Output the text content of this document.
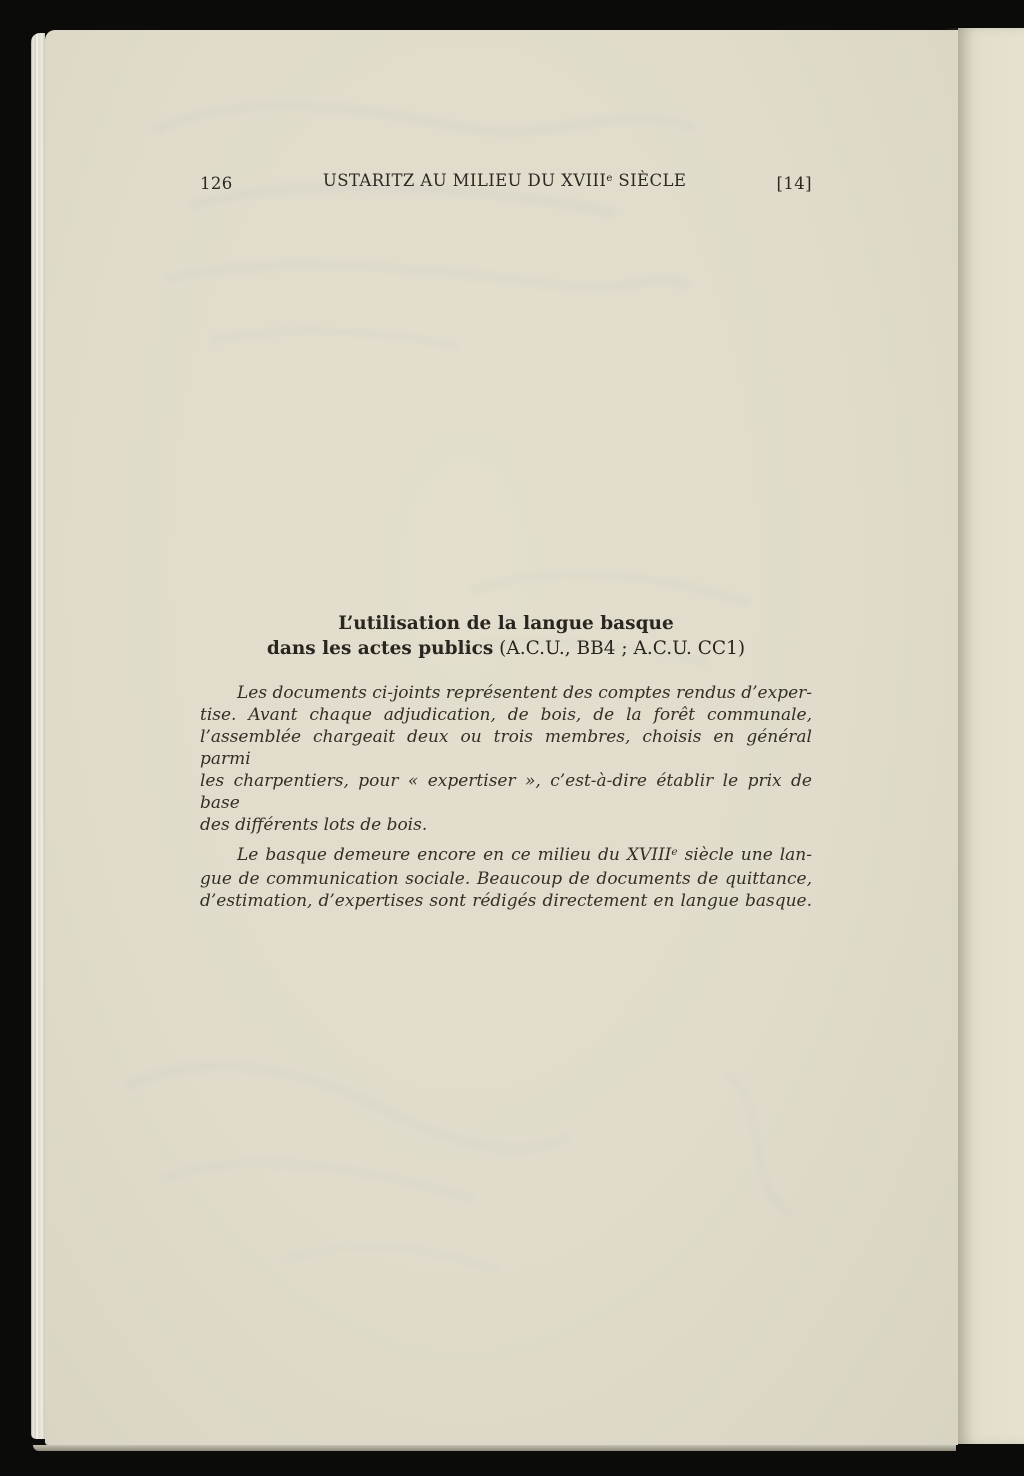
126	USTARITZ AU MILIEU DU XVIIIe SIÈCLE	[14]
L’utilisation de la langue basque
dans les actes publics (A.C.U., BB4 ; A.C.U. CC1)
Les documents ci-joints représentent des comptes rendus d’exper-
tise. Avant chaque adjudication, de bois, de la forêt communale,
l’assemblée chargeait deux ou trois membres, choisis en général parmi
les charpentiers, pour « expertiser », c’est-à-dire établir le prix de base
des différents lots de bois.
Le basque demeure encore en ce milieu du XVIIIe siècle une lan-
gue de communication sociale. Beaucoup de documents de quittance,
d’estimation, d’expertises sont rédigés directement en langue basque.
